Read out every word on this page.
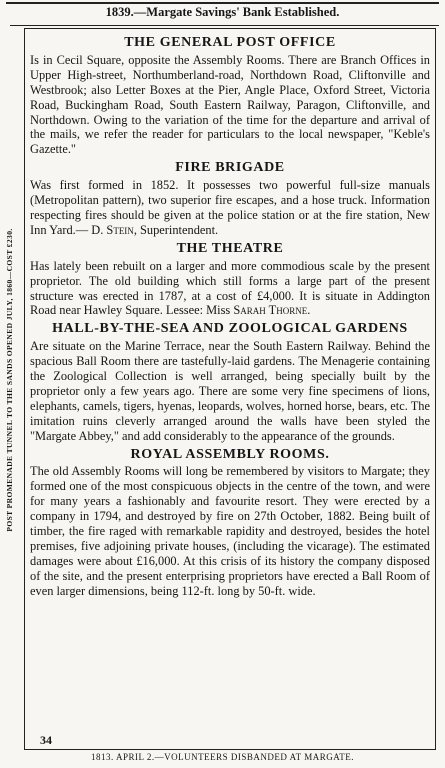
1839.—Margate Savings' Bank Established.
POST PROMENADE TUNNEL TO THE SANDS OPENED JULY, 1860—COST £230.
THE GENERAL POST OFFICE
Is in Cecil Square, opposite the Assembly Rooms. There are Branch Offices in Upper High-street, Northumberland-road, Northdown Road, Cliftonville and Westbrook; also Letter Boxes at the Pier, Angle Place, Oxford Street, Victoria Road, Buckingham Road, South Eastern Railway, Paragon, Cliftonville, and Northdown. Owing to the variation of the time for the departure and arrival of the mails, we refer the reader for particulars to the local newspaper, "Keble's Gazette."
FIRE BRIGADE
Was first formed in 1852. It possesses two powerful full-size manuals (Metropolitan pattern), two superior fire escapes, and a hose truck. Information respecting fires should be given at the police station or at the fire station, New Inn Yard.— D. Stein, Superintendent.
THE THEATRE
Has lately been rebuilt on a larger and more commodious scale by the present proprietor. The old building which still forms a large part of the present structure was erected in 1787, at a cost of £4,000. It is situate in Addington Road near Hawley Square. Lessee: Miss Sarah Thorne.
HALL-BY-THE-SEA AND ZOOLOGICAL GARDENS
Are situate on the Marine Terrace, near the South Eastern Railway. Behind the spacious Ball Room there are tastefully-laid gardens. The Menagerie containing the Zoological Collection is well arranged, being specially built by the proprietor only a few years ago. There are some very fine specimens of lions, elephants, camels, tigers, hyenas, leopards, wolves, horned horse, bears, etc. The imitation ruins cleverly arranged around the walls have been styled the "Margate Abbey," and add considerably to the appearance of the grounds.
ROYAL ASSEMBLY ROOMS.
The old Assembly Rooms will long be remembered by visitors to Margate; they formed one of the most conspicuous objects in the centre of the town, and were for many years a fashionably and favourite resort. They were erected by a company in 1794, and destroyed by fire on 27th October, 1882. Being built of timber, the fire raged with remarkable rapidity and destroyed, besides the hotel premises, five adjoining private houses, (including the vicarage). The estimated damages were about £16,000. At this crisis of its history the company disposed of the site, and the present enterprising proprietors have erected a Ball Room of even larger dimensions, being 112-ft. long by 50-ft. wide.
34
1813. APRIL 2.—VOLUNTEERS DISBANDED AT MARGATE.
